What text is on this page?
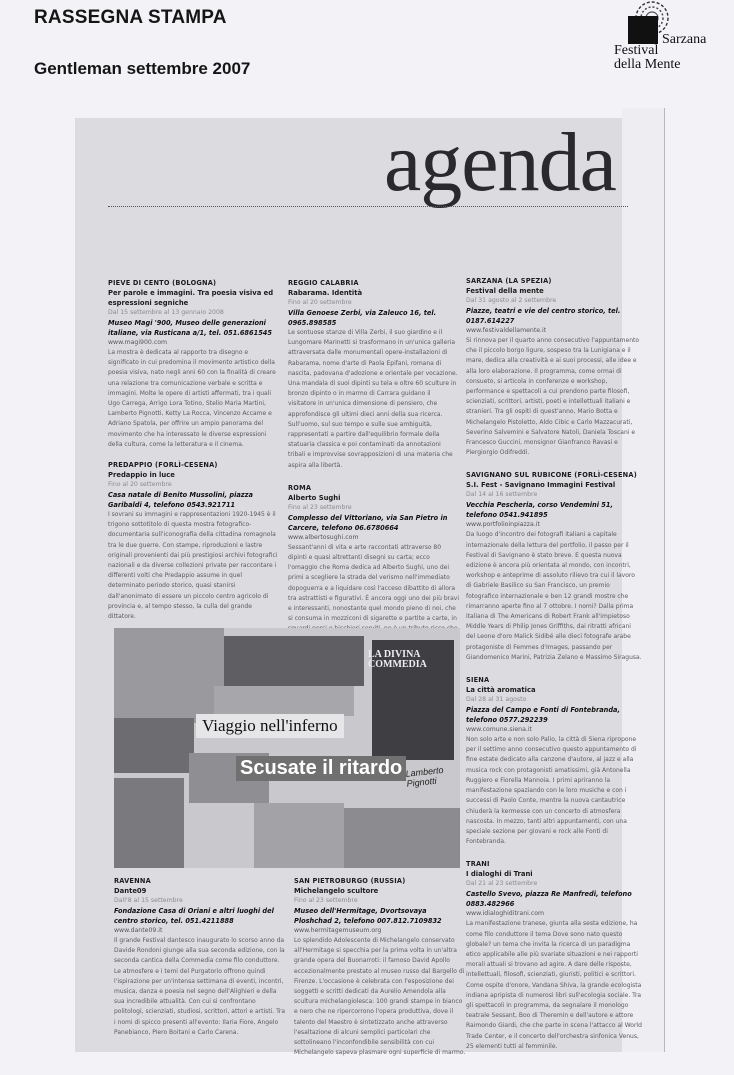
RASSEGNA STAMPA
Gentleman settembre 2007
Sarzana
Festival
della Mente
agenda
PIEVE DI CENTO (BOLOGNA)
Per parole e immagini. Tra poesia visiva ed espressioni segniche
Dal 15 settembre al 13 gennaio 2008
Museo Magi '900, Museo delle generazioni italiane, via Rusticana a/1, tel. 051.6861545
www.magi900.com
La mostra è dedicata al rapporto tra disegno e significato in cui predomina il movimento artistico della poesia visiva, nato negli anni 60 con la finalità di creare una relazione tra comunicazione verbale e scritta e immagini. Molte le opere di artisti affermati, tra i quali Ugo Carrega, Arrigo Lora Totino, Stelio Maria Martini, Lamberto Pignotti, Ketty La Rocca, Vincenzo Accame e Adriano Spatola, per offrire un ampio panorama del movimento che ha interessato le diverse espressioni della cultura, come la letteratura e il cinema.
PREDAPPIO (FORLÌ-CESENA)
Predappio in luce
Fino al 20 settembre
Casa natale di Benito Mussolini, piazza Garibaldi 4, telefono 0543.921711
I sovrani su immagini e rappresentazioni 1920-1945 è il trigono sottotitolo di questa mostra fotografico-documentaria sull'iconografia della cittadina romagnola tra le due guerre. Con stampe, riproduzioni e lastre originali provenienti dai più prestigiosi archivi fotografici nazionali e da diverse collezioni private per raccontare i differenti volti che Predappio assume in quel determinato periodo storico, quasi stanirsi dall'anonimato di essere un piccolo centro agricolo di provincia e, al tempo stesso, la culla del grande dittatore.
RAVENNA
Dante09
Dall'8 al 15 settembre
Fondazione Casa di Oriani e altri luoghi del centro storico, tel. 051.4211888
www.dante09.it
Il grande Festival dantesco inaugurato lo scorso anno da Davide Rondoni giunge alla sua seconda edizione, con la seconda cantica della Commedia come filo conduttore. Le atmosfere e i temi del Purgatorio offrono quindi l'ispirazione per un'intensa settimana di eventi, incontri, musica, danza e poesia nel segno dell'Alighieri e della sua incredibile attualità. Con cui si confrontano politologi, scienziati, studiosi, scrittori, attori e artisti. Tra i nomi di spicco presenti all'evento: Ilaria Fiore, Angelo Panebianco, Piero Boitani e Carlo Carena.
REGGIO CALABRIA
Rabarama. Identità
Fino al 20 settembre
Villa Genoese Zerbi, via Zaleuco 16, tel. 0965.898585
Le sontuose stanze di Villa Zerbi, il suo giardino e il Lungomare Marinetti si trasformano in un'unica galleria attraversata dalle monumentali opere-installazioni di Rabarama, nome d'arte di Paola Epifani, romana di nascita, padovana d'adozione e orientale per vocazione. Una mandala di suoi dipinti su tela e oltre 60 sculture in bronzo dipinto o in marmo di Carrara guidano il visitatore in un'unica dimensione di pensiero, che approfondisce gli ultimi dieci anni della sua ricerca. Sull'uomo, sul suo tempo e sulle sue ambiguità, rappresentati a partire dall'equilibrio formale della statuaria classica e poi contaminati da annotazioni tribali e improvvise sovrapposizioni di una materia che aspira alla libertà.
ROMA
Alberto Sughi
Fino al 23 settembre
Complesso del Vittoriano, via San Pietro in Carcere, telefono 06.6780664
www.albertosughi.com
Sessant'anni di vita e arte raccontati attraverso 80 dipinti e quasi altrettanti disegni su carta; ecco l'omaggio che Roma dedica ad Alberto Sughi, uno dei primi a scegliere la strada del verismo nell'immediato dopoguerra e a liquidare così l'acceso dibattito di allora tra astrattisti e figurativi. È ancora oggi uno dei più bravi e interessanti, nonostante quel mondo pieno di noi, che si consuma in mozziconi di sigarette e partite a carte, in
SAN PIETROBURGO (RUSSIA)
Michelangelo scultore
Fino al 23 settembre
Museo dell'Hermitage, Dvortsovaya Ploshchad 2, telefono 007.812.7109832
www.hermitagemuseum.org
Lo splendido Adolescente di Michelangelo conservato all'Hermitage si specchia per la prima volta in un'altra grande opera del Buonarroti: il famoso David Apollo eccezionalmente prestato al museo russo dal Bargello di Firenze. L'occasione è celebrata con l'esposizione dei soggetti e scritti dedicati da Aurelio Amendola alla scultura michelangiolesca: 100 grandi stampe in bianco e nero che ne ripercorrono l'opera produttiva, dove il talento del Maestro è sintetizzato anche attraverso l'esaltazione di alcuni semplici particolari che sottolineano l'inconfondibile sensibilità con cui Michelangelo sapeva plasmare ogni superficie di marmo.
SARZANA (LA SPEZIA)
Festival della mente
Dal 31 agosto al 2 settembre
Piazze, teatri e vie del centro storico, tel. 0187.614227
www.festivaldellamente.it
Si rinnova per il quarto anno consecutivo l'appuntamento che il piccolo borgo ligure, sospeso tra la Lunigiana e il mare, dedica alla creatività e ai suoi processi, alle idee e alla loro elaborazione. Il programma, come ormai di consueto, si articola in conferenze e workshop, performance e spettacoli a cui prendono parte filosofi, scienziati, scrittori, artisti, poeti e intellettuali italiani e stranieri. Tra gli ospiti di quest'anno, Mario Botta e Michelangelo Pistoletto, Aldo Cibic e Carlo Mazzacurati, Severino Salvemini e Salvatore Natoli, Daniela Toscani e Francesco Guccini, monsignor Gianfranco Ravasi e Piergiorgio Odifreddi.
SAVIGNANO SUL RUBICONE (FORLÌ-CESENA)
S.I. Fest - Savignano Immagini Festival
Dal 14 al 16 settembre
Vecchia Pescheria, corso Vendemini 51, telefono 0541.941895
www.portfolioinpiazza.it
Da luogo d'incontro dei fotografi italiani a capitale internazionale della lettura del portfolio, il passo per il Festival di Savignano è stato breve. E questa nuova edizione è ancora più orientata al mondo, con incontri, workshop e anteprime di assoluto rilievo tra cui il lavoro di Gabriele Basilico su San Francisco, un premio fotografico internazionale e ben 12 grandi mostre che rimarranno aperte fino al 7 ottobre. I nomi? Dalla prima italiana di The Americans di Robert Frank all'impietoso Middle Years di Philip Jones Griffiths, dai ritratti africani del Leone d'oro Malick Sidibé alle dieci fotografe arabe protagoniste di Femmes d'Images, passando per Giandomenico Marini, Patrizia Zelano e Massimo Siragusa.
SIENA
La città aromatica
Dal 28 al 31 agosto
Piazza del Campo e Fonti di Fontebranda, telefono 0577.292239
www.comune.siena.it
Non solo arte e non solo Palio, la città di Siena ripropone per il settimo anno consecutivo questo appuntamento di fine estate dedicato alla canzone d'autore, al jazz e alla musica rock con protagonisti amatissimi, già Antonella Ruggiero e Fiorella Mannoia. I primi apriranno la manifestazione spaziando con le loro musiche e con i successi di Paolo Conte, mentre la nuova cantautrice chiuderà la kermesse con un concerto di atmosfera nascosta. In mezzo, tanti altri appuntamenti, con una speciale sezione per giovani e rock alle Fonti di Fontebranda.
TRANI
I dialoghi di Trani
Dal 21 al 23 settembre
Castello Svevo, piazza Re Manfredi, telefono 0883.482966
www.idialoghiditrani.com
La manifestazione tranese, giunta alla sesta edizione, ha come filo conduttore il tema Dove sono nato questo globale? un tema che invita la ricerca di un paradigma etico applicabile alle più svariate situazioni e nei rapporti morali attuali si trovano ad agire. A dare delle risposte, intellettuali, filosofi, scienziati, giuristi, politici e scrittori. Come ospite d'onore, Vandana Shiva, la grande ecologista indiana apripista di numerosi libri sull'ecologia sociale. Tra gli spettacoli in programma, da segnalare il monologo teatrale Sessant, Boo di Theremin e dell'autore e attore Raimondo Giardi, che che parte in scena l'attacco al World Trade Center, e il concerto dell'orchestra sinfonica Venus, 25 elementi tutti al femminile.
Viaggio nell'inferno
Scusate il ritardo
LA DIVINA COMMEDIA
Lamberto Pignotti
